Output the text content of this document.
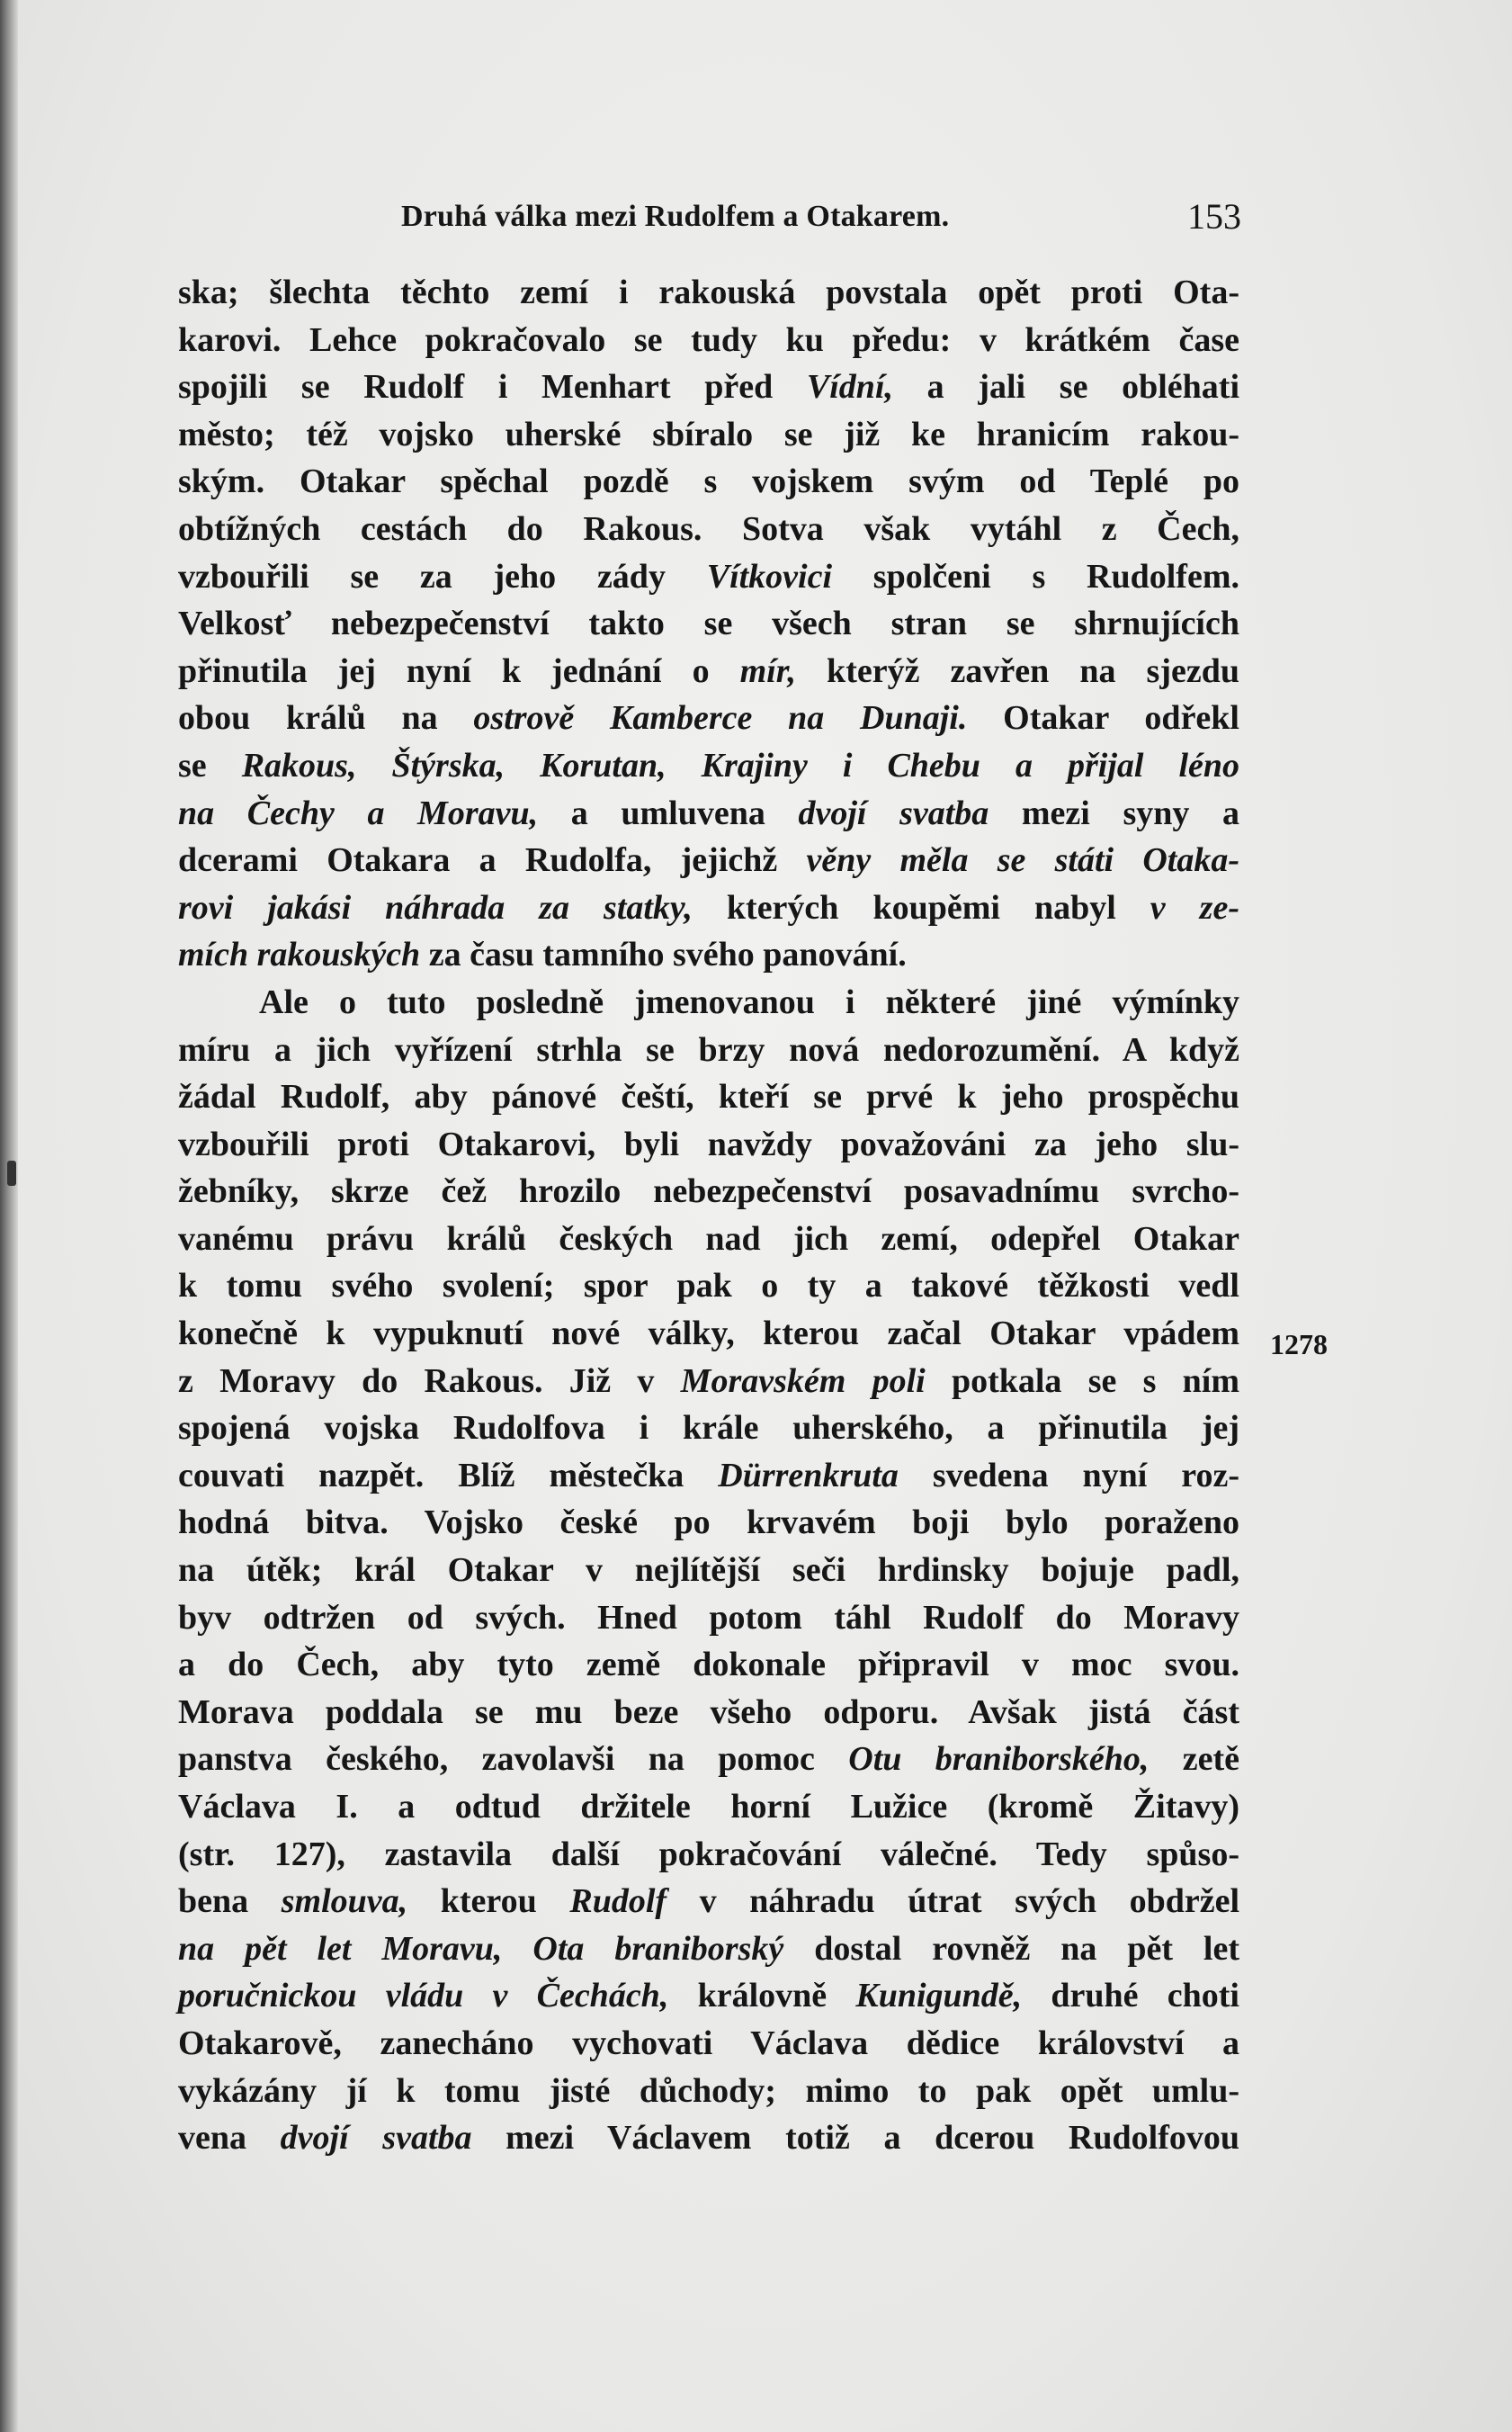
Druhá válka mezi Rudolfem a Otakarem.	153
ska; šlechta těchto zemí i rakouská povstala opět proti Ota-
karovi. Lehce pokračovalo se tudy ku předu: v krátkém čase
spojili se Rudolf i Menhart před Vídní, a jali se obléhati
město; též vojsko uherské sbíralo se již ke hranicím rakou-
ským. Otakar spěchal pozdě s vojskem svým od Teplé po
obtížných cestách do Rakous. Sotva však vytáhl z Čech,
vzbouřili se za jeho zády Vítkovici spolčeni s Rudolfem.
Velkosť nebezpečenství takto se všech stran se shrnujících
přinutila jej nyní k jednání o mír, kterýž zavřen na sjezdu
obou králů na ostrově Kamberce na Dunaji. Otakar odřekl
se Rakous, Štýrska, Korutan, Krajiny i Chebu a přijal léno
na Čechy a Moravu, a umluvena dvojí svatba mezi syny a
dcerami Otakara a Rudolfa, jejichž věny měla se státi Otaka-
rovi jakási náhrada za statky, kterých koupěmi nabyl v ze-
mích rakouských za času tamního svého panování.
Ale o tuto posledně jmenovanou i některé jiné výmínky
míru a jich vyřízení strhla se brzy nová nedorozumění. A když
žádal Rudolf, aby pánové čeští, kteří se prvé k jeho prospěchu
vzbouřili proti Otakarovi, byli navždy považováni za jeho slu-
žebníky, skrze čež hrozilo nebezpečenství posavadnímu svrcho-
vanému právu králů českých nad jich zemí, odepřel Otakar
k tomu svého svolení; spor pak o ty a takové těžkosti vedl
konečně k vypuknutí nové války, kterou začal Otakar vpádem
z Moravy do Rakous. Již v Moravském poli potkala se s ním
spojená vojska Rudolfova i krále uherského, a přinutila jej
couvati nazpět. Blíž městečka Dürrenkruta svedena nyní roz-
hodná bitva. Vojsko české po krvavém boji bylo poraženo
na útěk; král Otakar v nejlítější seči hrdinsky bojuje padl,
byv odtržen od svých. Hned potom táhl Rudolf do Moravy
a do Čech, aby tyto země dokonale připravil v moc svou.
Morava poddala se mu beze všeho odporu. Avšak jistá část
panstva českého, zavolavši na pomoc Otu braniborského, zetě
Václava I. a odtud držitele horní Lužice (kromě Žitavy)
(str. 127), zastavila další pokračování válečné. Tedy spůso-
bena smlouva, kterou Rudolf v náhradu útrat svých obdržel
na pět let Moravu, Ota braniborský dostal rovněž na pět let
poručnickou vládu v Čechách, královně Kunigundě, druhé choti
Otakarově, zanecháno vychovati Václava dědice království a
vykázány jí k tomu jisté důchody; mimo to pak opět umlu-
vena dvojí svatba mezi Václavem totiž a dcerou Rudolfovou
1278
